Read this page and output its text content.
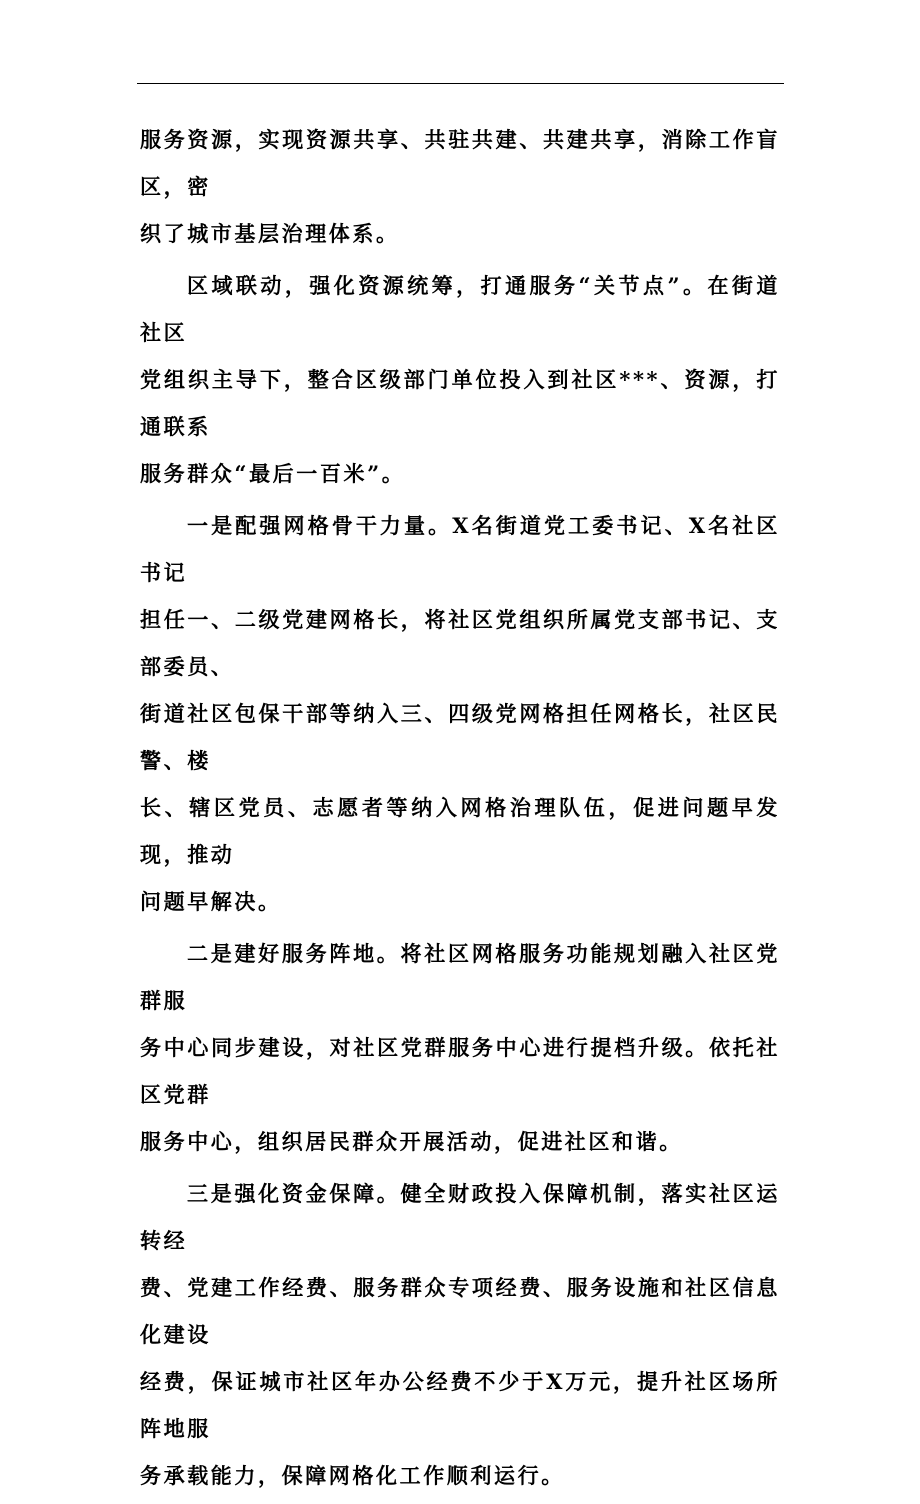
服务资源，实现资源共享、共驻共建、共建共享，消除工作盲区，密
织了城市基层治理体系。

区域联动，强化资源统筹，打通服务“关节点”。在街道社区
党组织主导下，整合区级部门单位投入到社区***、资源，打通联系
服务群众“最后一百米”。

一是配强网格骨干力量。X名街道党工委书记、X名社区书记
担任一、二级党建网格长，将社区党组织所属党支部书记、支部委员、
街道社区包保干部等纳入三、四级党网格担任网格长，社区民警、楼
长、辖区党员、志愿者等纳入网格治理队伍，促进问题早发现，推动
问题早解决。

二是建好服务阵地。将社区网格服务功能规划融入社区党群服
务中心同步建设，对社区党群服务中心进行提档升级。依托社区党群
服务中心，组织居民群众开展活动，促进社区和谐。

三是强化资金保障。健全财政投入保障机制，落实社区运转经
费、党建工作经费、服务群众专项经费、服务设施和社区信息化建设
经费，保证城市社区年办公经费不少于X万元，提升社区场所阵地服
务承载能力，保障网格化工作顺利运行。
